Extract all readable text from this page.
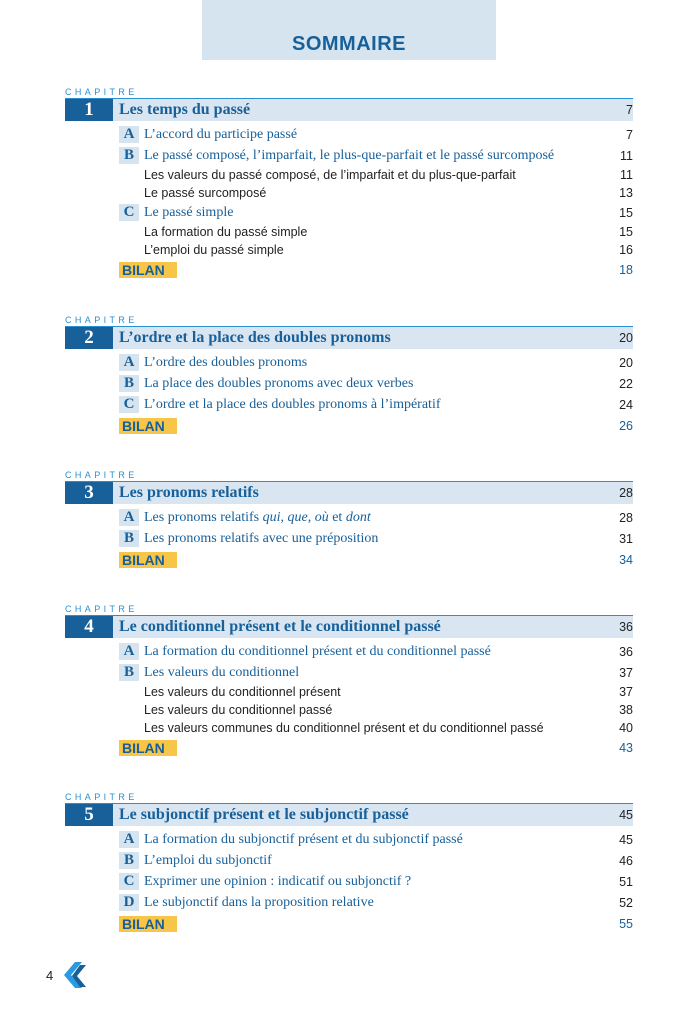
SOMMAIRE
CHAPITRE
1	Les temps du passé	7
A L’accord du participe passé	7
B Le passé composé, l’imparfait, le plus-que-parfait et le passé surcomposé	11
Les valeurs du passé composé, de l’imparfait et du plus-que-parfait	11
Le passé surcomposé	13
C Le passé simple	15
La formation du passé simple	15
L’emploi du passé simple	16
BILAN	18
CHAPITRE
2	L’ordre et la place des doubles pronoms	20
A L’ordre des doubles pronoms	20
B La place des doubles pronoms avec deux verbes	22
C L’ordre et la place des doubles pronoms à l’impératif	24
BILAN	26
CHAPITRE
3	Les pronoms relatifs	28
A Les pronoms relatifs qui, que, où et dont	28
B Les pronoms relatifs avec une préposition	31
BILAN	34
CHAPITRE
4	Le conditionnel présent et le conditionnel passé	36
A La formation du conditionnel présent et du conditionnel passé	36
B Les valeurs du conditionnel	37
Les valeurs du conditionnel présent	37
Les valeurs du conditionnel passé	38
Les valeurs communes du conditionnel présent et du conditionnel passé	40
BILAN	43
CHAPITRE
5	Le subjonctif présent et le subjonctif passé	45
A La formation du subjonctif présent et du subjonctif passé	45
B L’emploi du subjonctif	46
C Exprimer une opinion : indicatif ou subjonctif ?	51
D Le subjonctif dans la proposition relative	52
BILAN	55
4
